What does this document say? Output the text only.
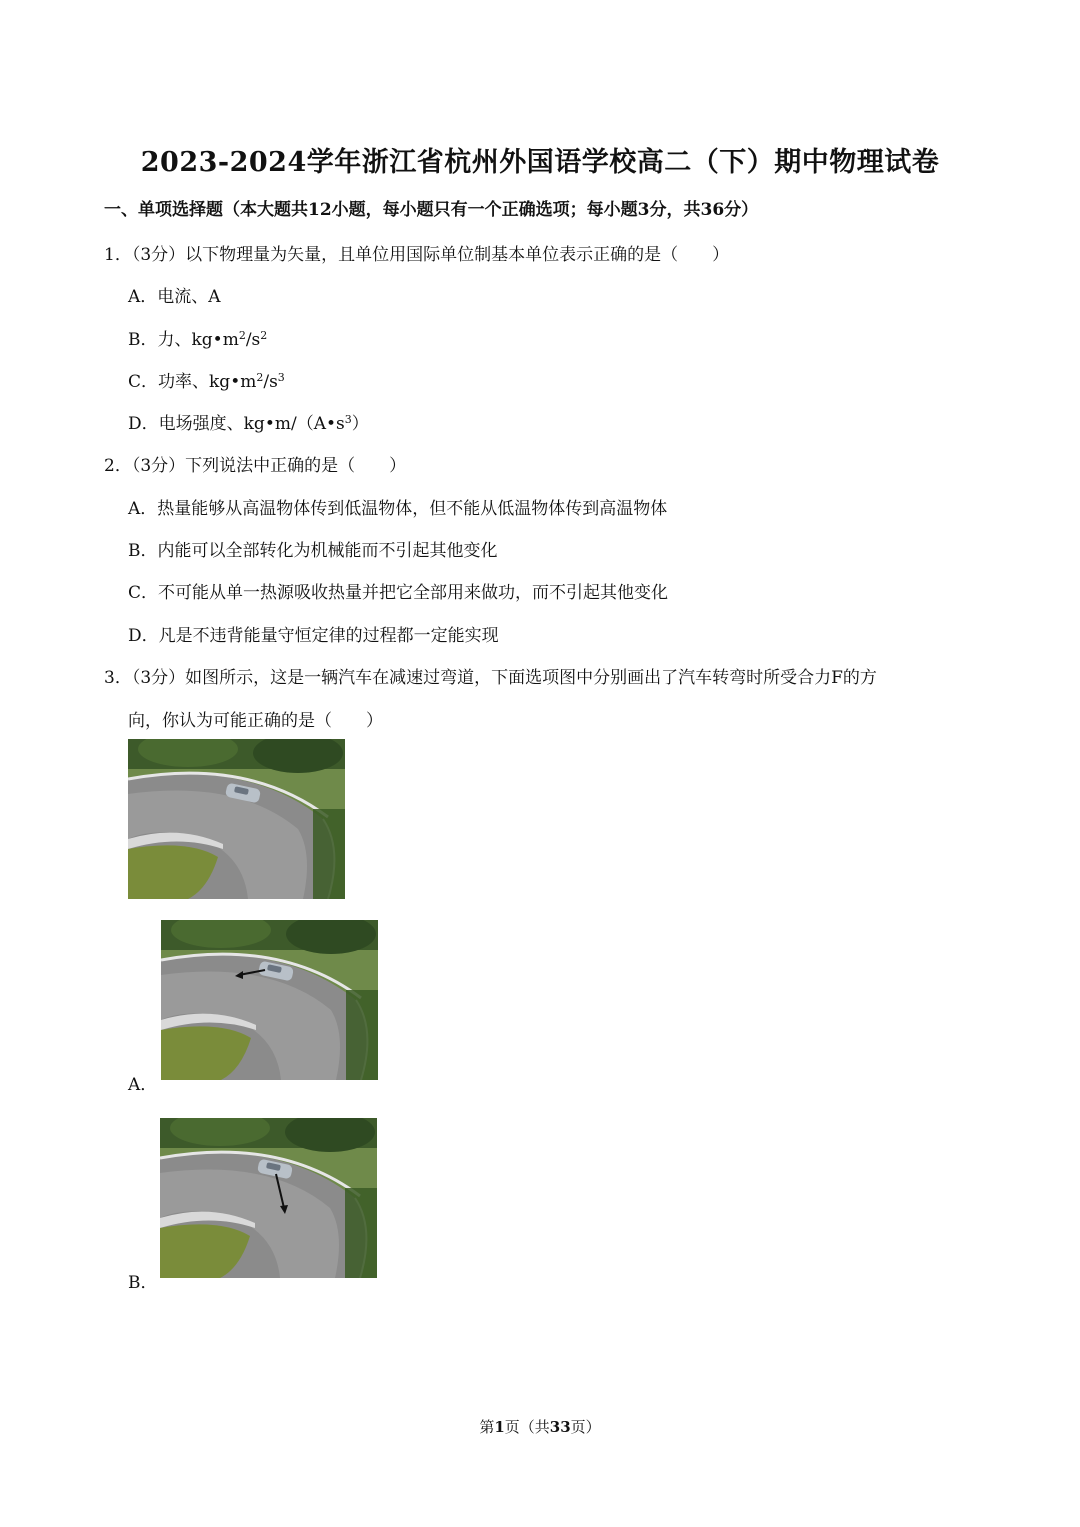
2023-2024学年浙江省杭州外国语学校高二（下）期中物理试卷
一、单项选择题（本大题共12小题，每小题只有一个正确选项；每小题3分，共36分）
1．（3分）以下物理量为矢量，且单位用国际单位制基本单位表示正确的是（　　）
A．电流、A
B．力、$kg•m^2/s^2$
C．功率、$kg•m^2/s^3$
D．电场强度、$kg•m/(A•s^3)$
2．（3分）下列说法中正确的是（　　）
A．热量能够从高温物体传到低温物体，但不能从低温物体传到高温物体
B．内能可以全部转化为机械能而不引起其他变化
C．不可能从单一热源吸收热量并把它全部用来做功，而不引起其他变化
D．凡是不违背能量守恒定律的过程都一定能实现
3．（3分）如图所示，这是一辆汽车在减速过弯道，下面选项图中分别画出了汽车转弯时所受合力F的方
向，你认为可能正确的是（　　）
A．
B．
第1页（共33页）
